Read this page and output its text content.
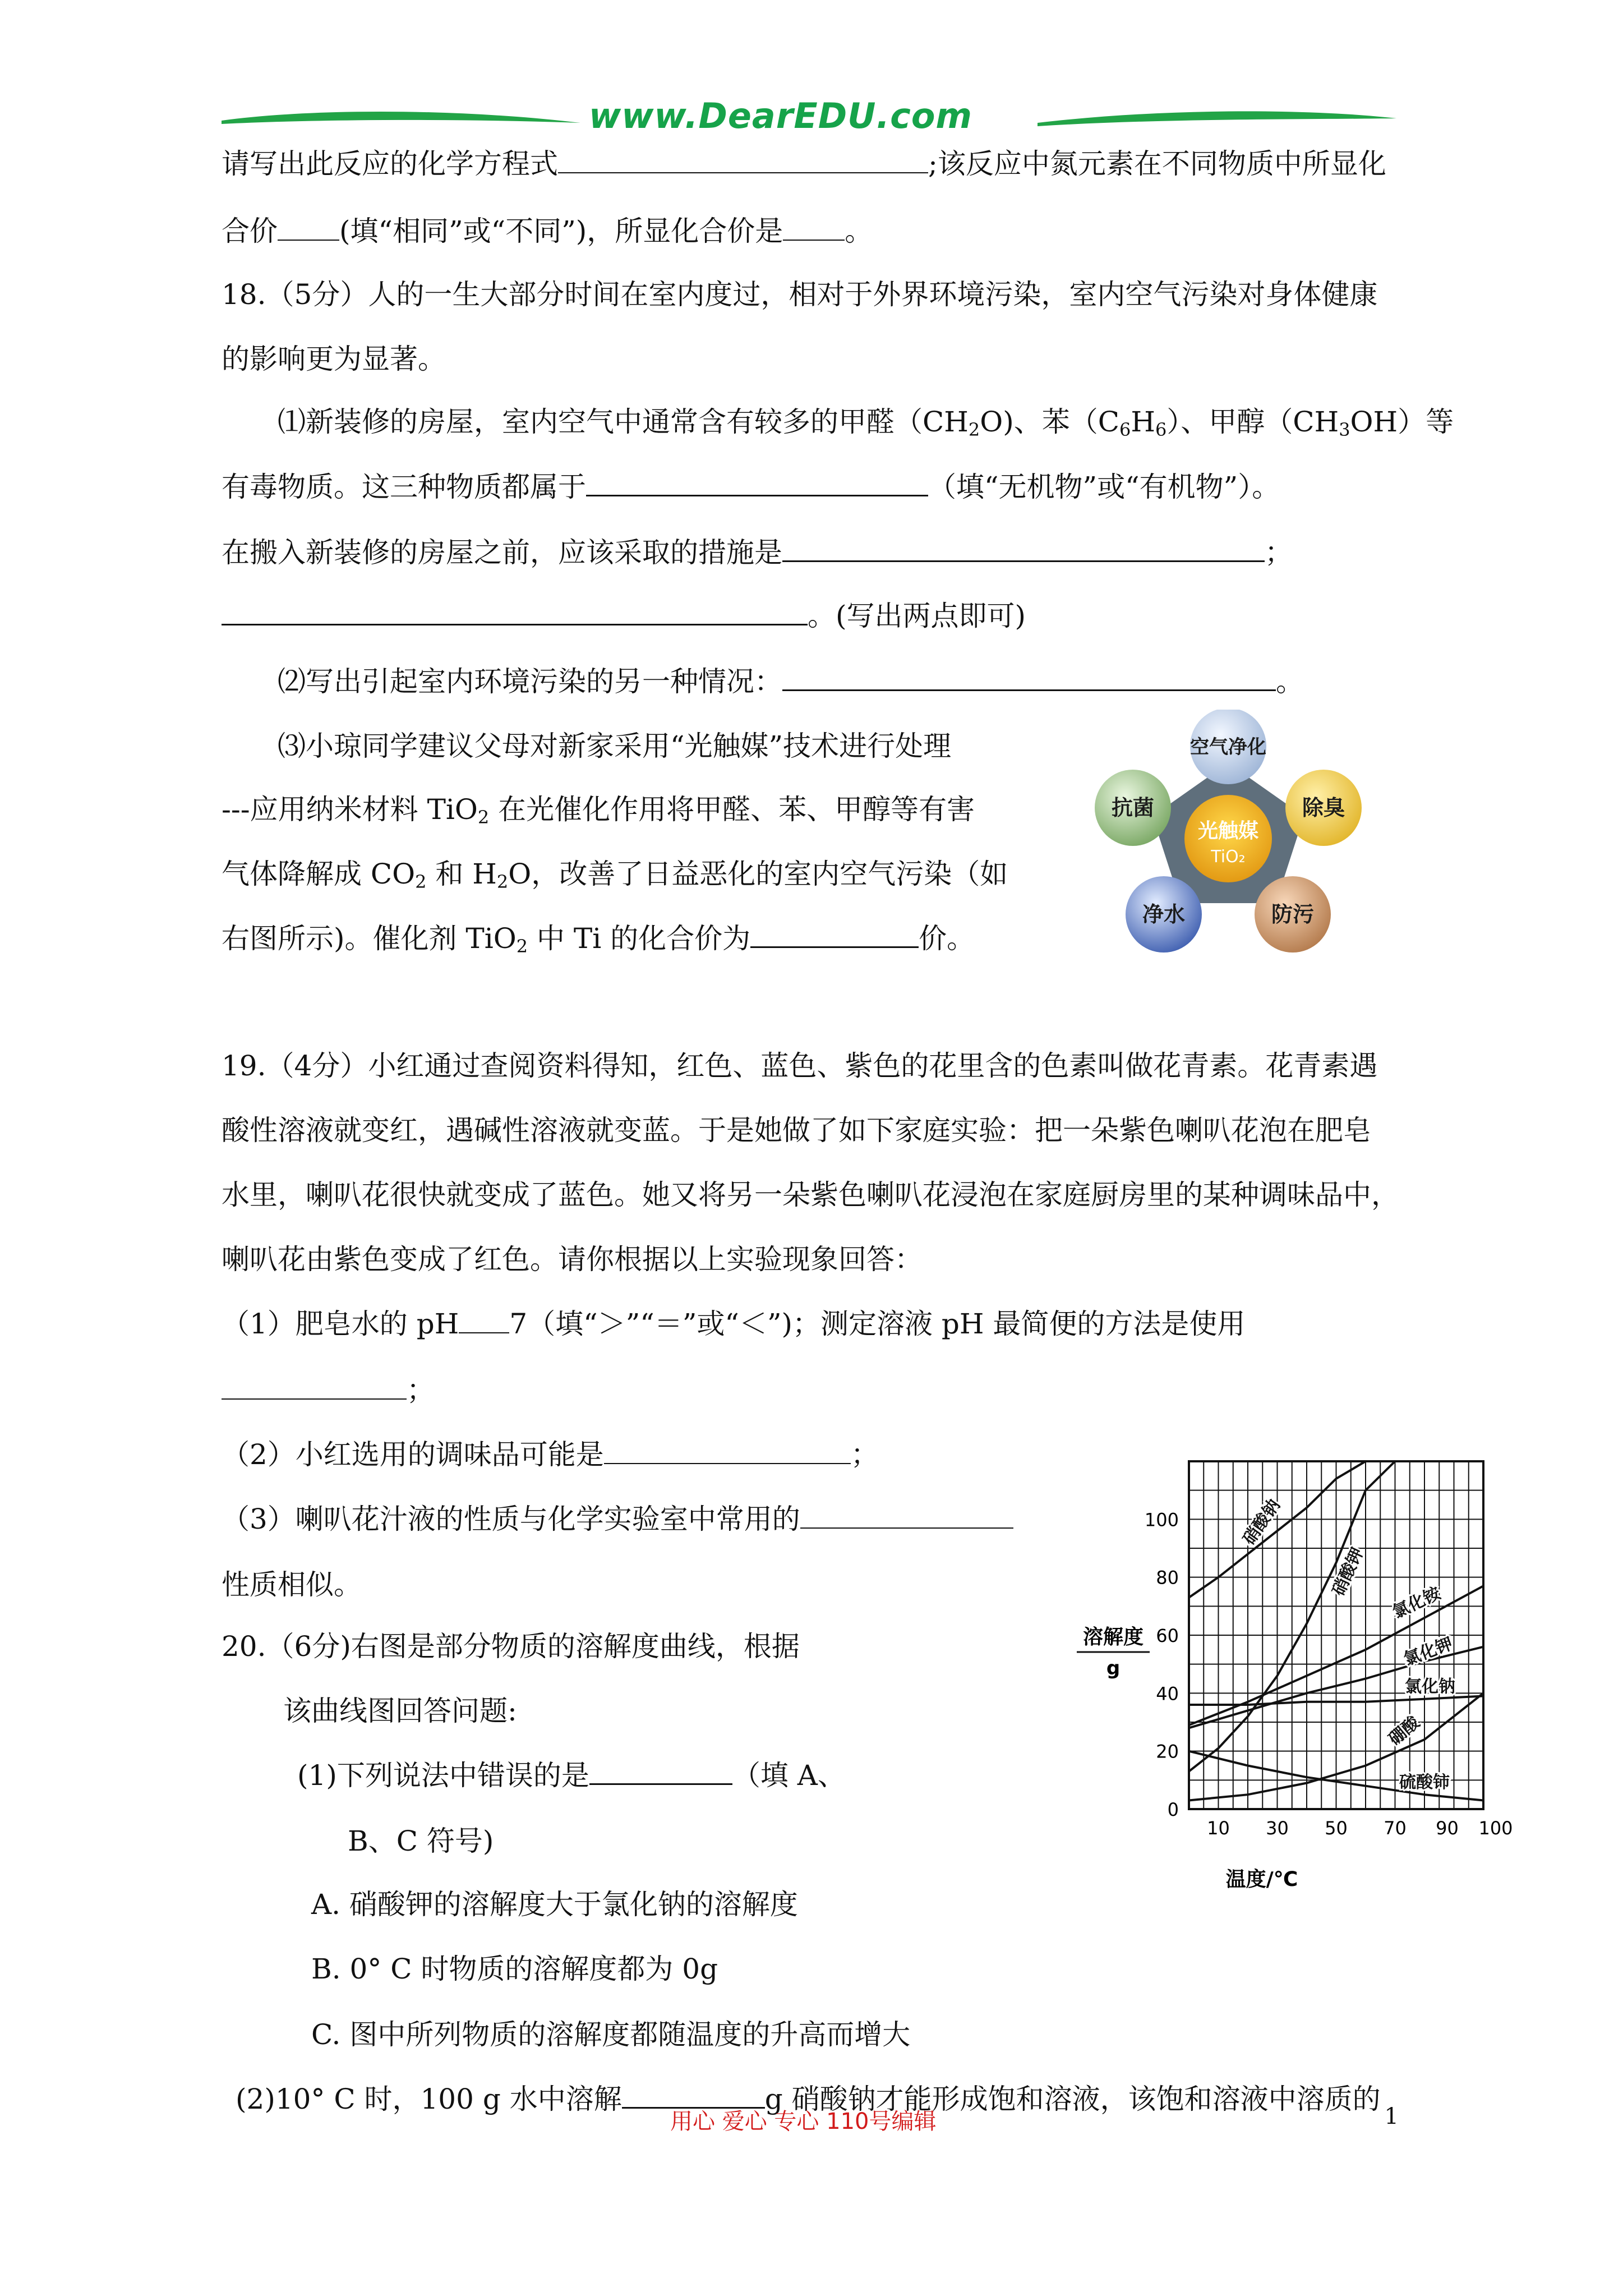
www.DearEDU.com
请写出此反应的化学方程式	;该反应中氮元素在不同物质中所显化
合价 (填“相同”或“不同”)，所显化合价是 。
18.（5分）人的一生大部分时间在室内度过，相对于外界环境污染，室内空气污染对身体健康
的影响更为显著。
⑴新装修的房屋，室内空气中通常含有较多的甲醛$(CH_2O)$、苯$(C_6H_6)$、甲醇$(CH_3OH)$等
有毒物质。这三种物质都属于	（填“无机物”或“有机物”）。
在搬入新装修的房屋之前，应该采取的措施是	；
。(写出两点即可)
⑵写出引起室内环境污染的另一种情况：	。
⑶小琼同学建议父母对新家采用“光触媒”技术进行处理
---应用纳米材料 TiO$_2$ 在光催化作用将甲醛、苯、甲醇等有害
气体降解成 $CO_2$ 和 $H_2O$，改善了日益恶化的室内空气污染（如
右图所示)。催化剂 TiO$_2$ 中 Ti 的化合价为	价。
空气净化
除臭
防污
净水
抗菌
光触媒
TiO₂
19.（4分）小红通过查阅资料得知，红色、蓝色、紫色的花里含的色素叫做花青素。花青素遇
酸性溶液就变红，遇碱性溶液就变蓝。于是她做了如下家庭实验：把一朵紫色喇叭花泡在肥皂
水里，喇叭花很快就变成了蓝色。她又将另一朵紫色喇叭花浸泡在家庭厨房里的某种调味品中，
喇叭花由紫色变成了红色。请你根据以上实验现象回答：
（1）肥皂水的 pH 7（填“＞”“＝”或“＜”)；测定溶液 pH 最简便的方法是使用
；
（2）小红选用的调味品可能是	；
（3）喇叭花汁液的性质与化学实验室中常用的
性质相似。
20.（6分)右图是部分物质的溶解度曲线，根据
该曲线图回答问题:
(1)下列说法中错误的是	（填 A、
B、C 符号)
A. 硝酸钾的溶解度大于氯化钠的溶解度
B. 0° C 时物质的溶解度都为 0g
C. 图中所列物质的溶解度都随温度的升高而增大
(2)10° C 时，100 g 水中溶解	g 硝酸钠才能形成饱和溶液，该饱和溶液中溶质的
硝酸钠
硝酸钾
氯化铵
氯化钾
氯化钠
硼酸
硫酸铈
0
20
40
60
80
100
10 30 50 70 90 100
溶解度
g
温度/℃
用心 爱心 专心 110号编辑	1
